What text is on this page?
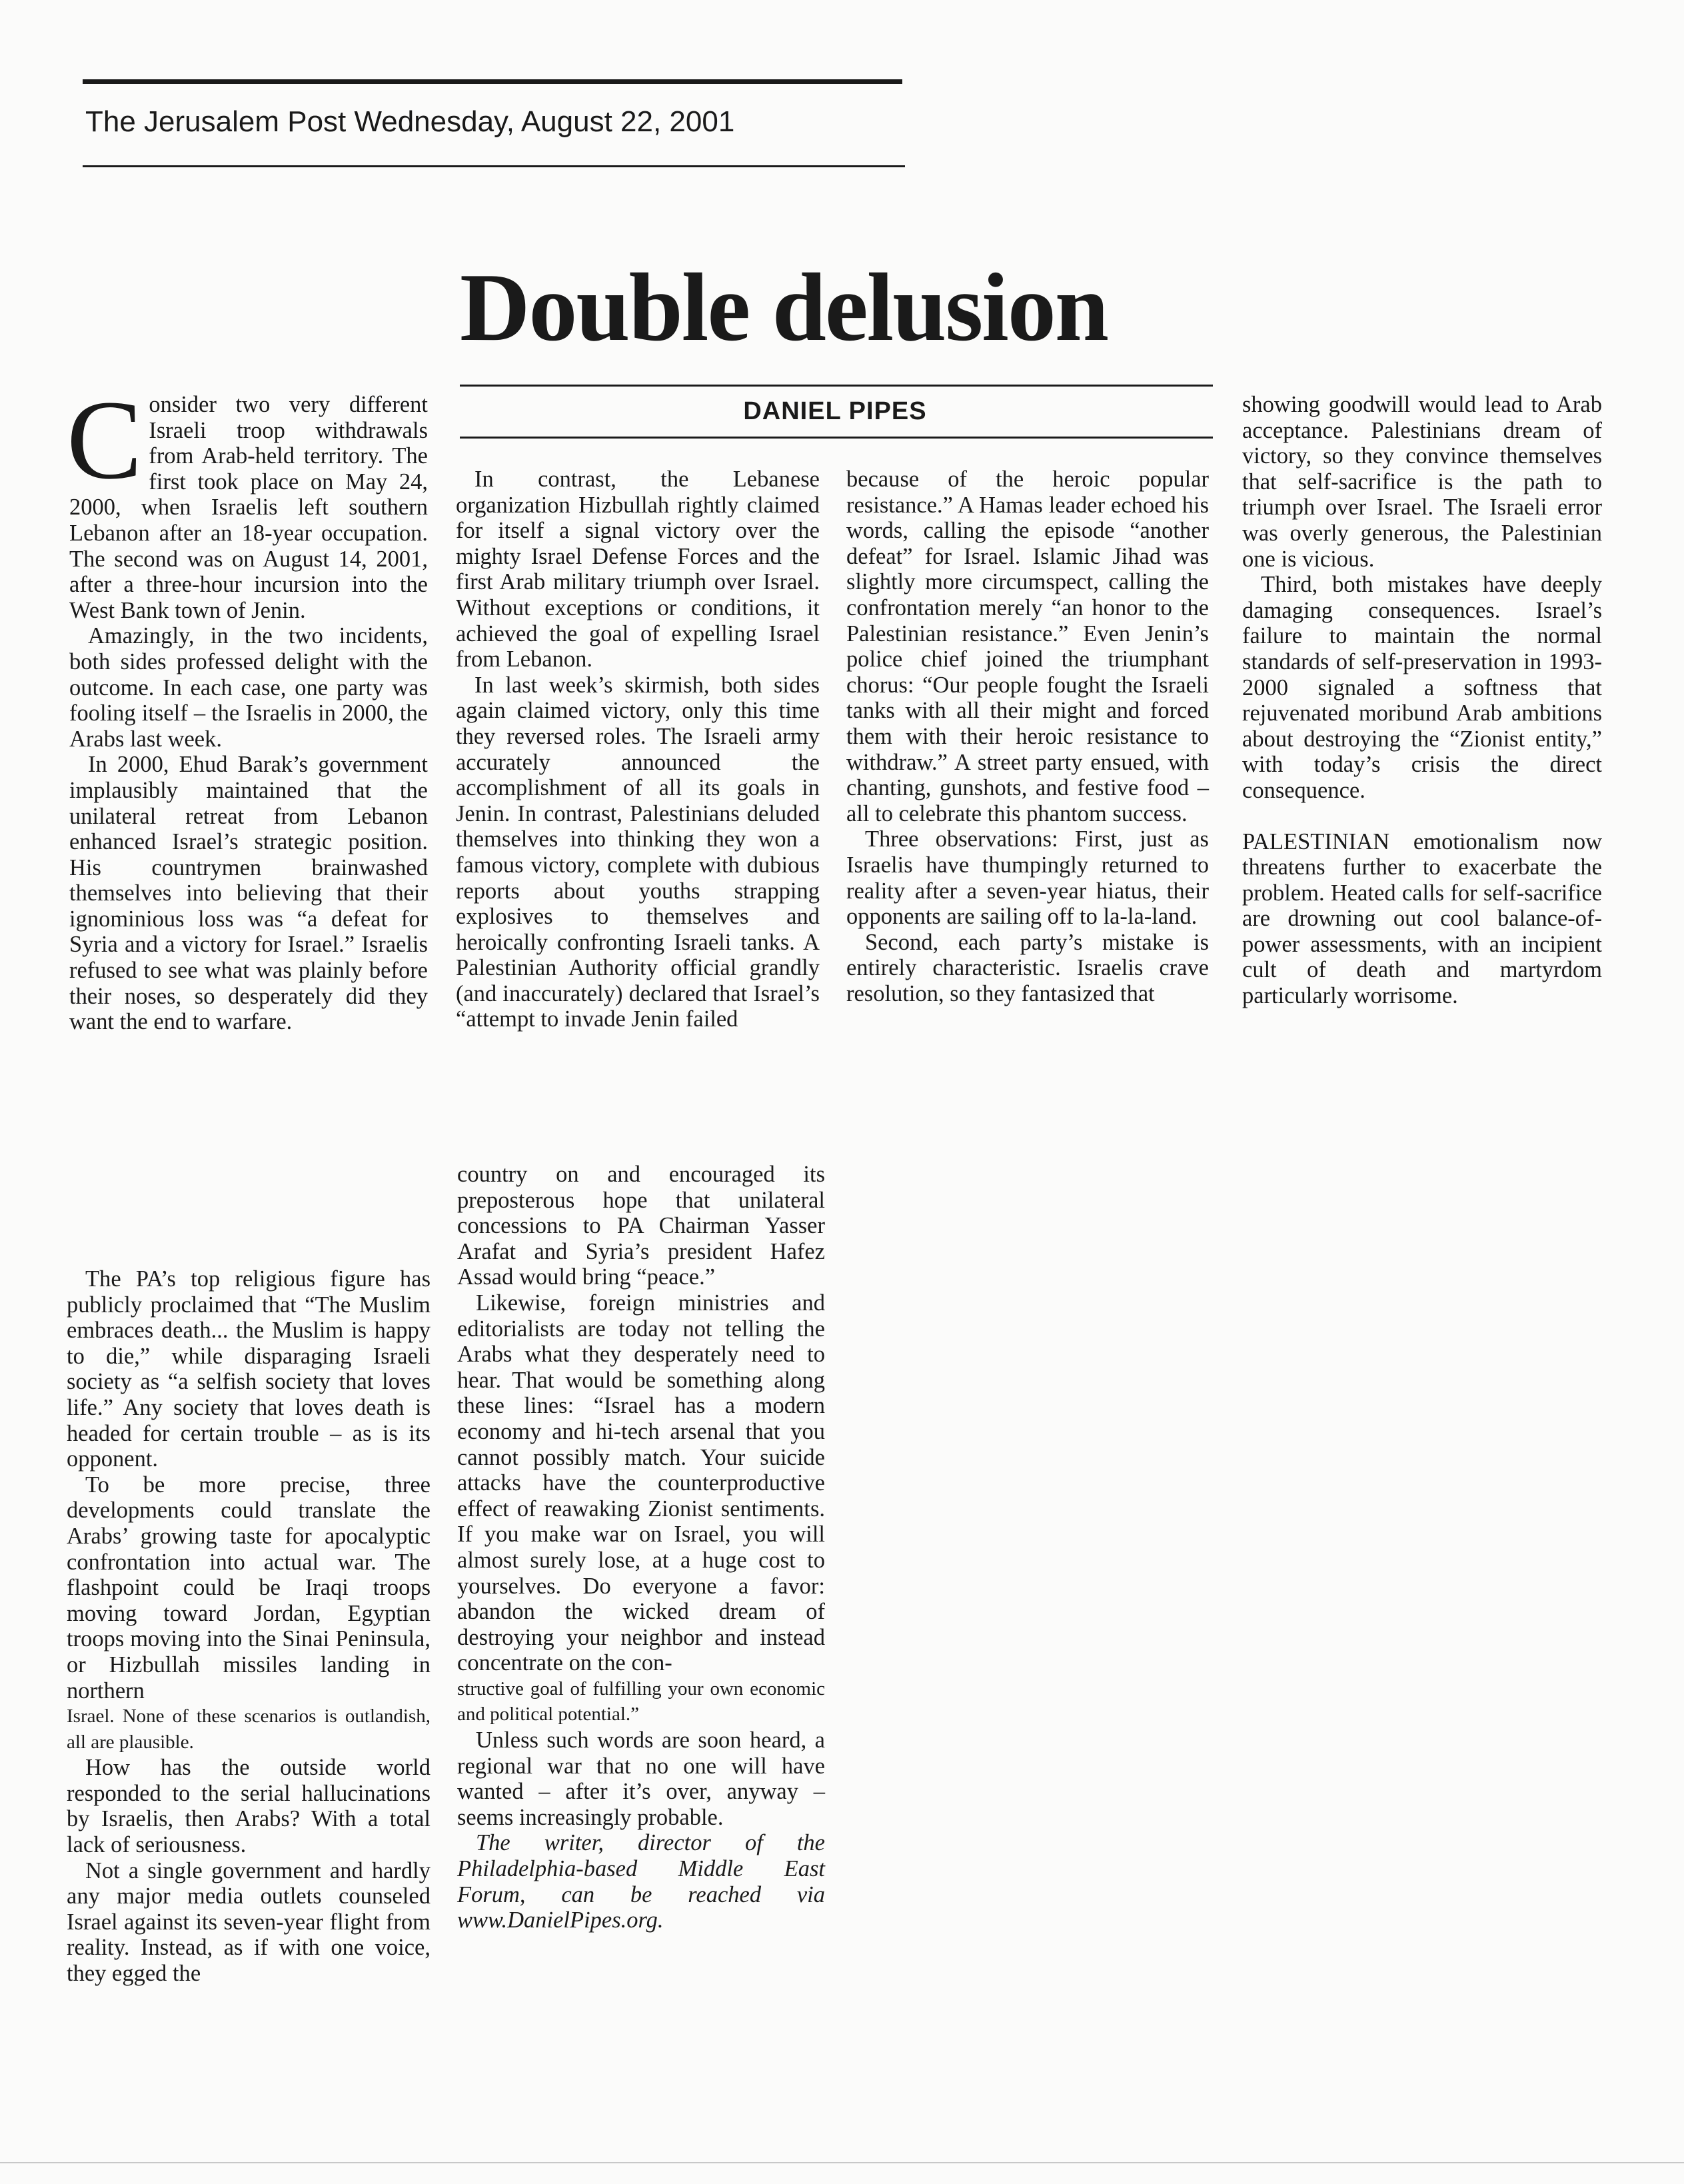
The Jerusalem Post Wednesday, August 22, 2001
Double delusion
DANIEL PIPES

Consider two very different Israeli troop withdrawals from Arab-held territory. The first took place on May 24, 2000, when Israelis left southern Lebanon after an 18-year occupation. The second was on August 14, 2001, after a three-hour incursion into the West Bank town of Jenin.

Amazingly, in the two incidents, both sides professed delight with the outcome. In each case, one party was fooling itself – the Israelis in 2000, the Arabs last week.

In 2000, Ehud Barak’s government implausibly maintained that the unilateral retreat from Lebanon enhanced Israel’s strategic position. His countrymen brainwashed themselves into believing that their ignominious loss was “a defeat for Syria and a victory for Israel.” Israelis refused to see what was plainly before their noses, so desperately did they want the end to warfare.

In contrast, the Lebanese organization Hizbullah rightly claimed for itself a signal victory over the mighty Israel Defense Forces and the first Arab military triumph over Israel. Without exceptions or conditions, it achieved the goal of expelling Israel from Lebanon.

In last week’s skirmish, both sides again claimed victory, only this time they reversed roles. The Israeli army accurately announced the accomplishment of all its goals in Jenin. In contrast, Palestinians deluded themselves into thinking they won a famous victory, complete with dubious reports about youths strapping explosives to themselves and heroically confronting Israeli tanks. A Palestinian Authority official grandly (and inaccurately) declared that Israel’s “attempt to invade Jenin failed

because of the heroic popular resistance.” A Hamas leader echoed his words, calling the episode “another defeat” for Israel. Islamic Jihad was slightly more circumspect, calling the confrontation merely “an honor to the Palestinian resistance.” Even Jenin’s police chief joined the triumphant chorus: “Our people fought the Israeli tanks with all their might and forced them with their heroic resistance to withdraw.” A street party ensued, with chanting, gunshots, and festive food – all to celebrate this phantom success.

Three observations: First, just as Israelis have thumpingly returned to reality after a seven-year hiatus, their opponents are sailing off to la-la-land.

Second, each party’s mistake is entirely characteristic. Israelis crave resolution, so they fantasized that

showing goodwill would lead to Arab acceptance. Palestinians dream of victory, so they convince themselves that self-sacrifice is the path to triumph over Israel. The Israeli error was overly generous, the Palestinian one is vicious.

Third, both mistakes have deeply damaging consequences. Israel’s failure to maintain the normal standards of self-preservation in 1993-2000 signaled a softness that rejuvenated moribund Arab ambitions about destroying the “Zionist entity,” with today’s crisis the direct consequence.

PALESTINIAN emotionalism now threatens further to exacerbate the problem. Heated calls for self-sacrifice are drowning out cool balance-of-power assessments, with an incipient cult of death and martyrdom particularly worrisome.

The PA’s top religious figure has publicly proclaimed that “The Muslim embraces death... the Muslim is happy to die,” while disparaging Israeli society as “a selfish society that loves life.” Any society that loves death is headed for certain trouble – as is its opponent.

To be more precise, three developments could translate the Arabs’ growing taste for apocalyptic confrontation into actual war. The flashpoint could be Iraqi troops moving toward Jordan, Egyptian troops moving into the Sinai Peninsula, or Hizbullah missiles landing in northern

Israel. None of these scenarios is outlandish, all are plausible.

How has the outside world responded to the serial hallucinations by Israelis, then Arabs? With a total lack of seriousness.

Not a single government and hardly any major media outlets counseled Israel against its seven-year flight from reality. Instead, as if with one voice, they egged the

country on and encouraged its preposterous hope that unilateral concessions to PA Chairman Yasser Arafat and Syria’s president Hafez Assad would bring “peace.”

Likewise, foreign ministries and editorialists are today not telling the Arabs what they desperately need to hear. That would be something along these lines: “Israel has a modern economy and hi-tech arsenal that you cannot possibly match. Your suicide attacks have the counterproductive effect of reawaking Zionist sentiments. If you make war on Israel, you will almost surely lose, at a huge cost to yourselves. Do everyone a favor: abandon the wicked dream of destroying your neighbor and instead concentrate on the con-

structive goal of fulfilling your own economic and political potential.”

Unless such words are soon heard, a regional war that no one will have wanted – after it’s over, anyway – seems increasingly probable.

The writer, director of the Philadelphia-based Middle East Forum, can be reached via www.DanielPipes.org.
